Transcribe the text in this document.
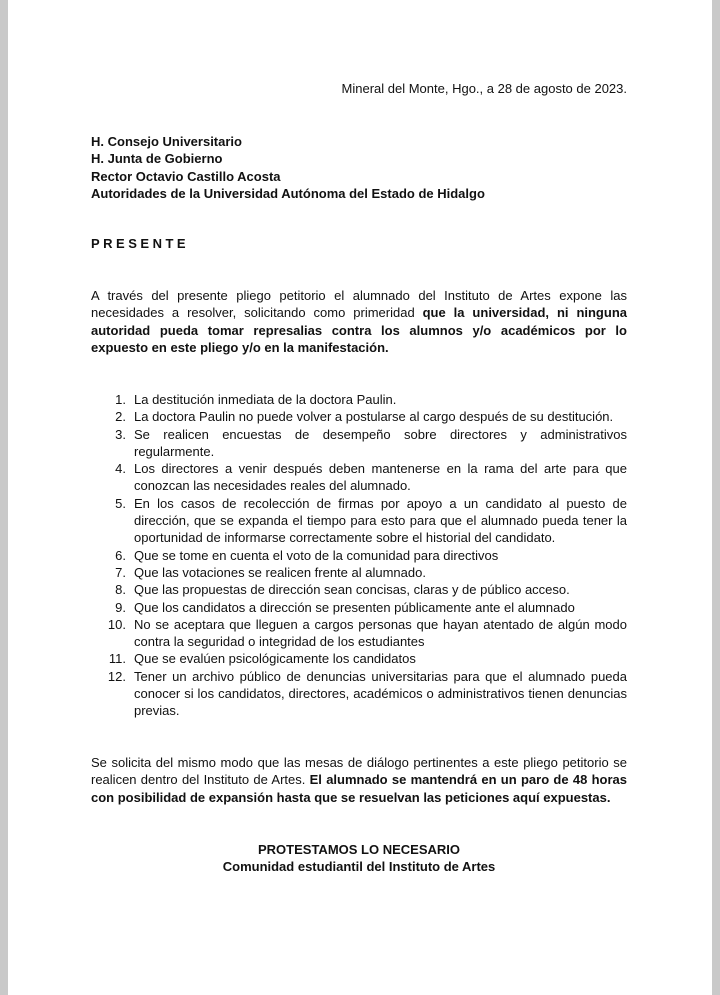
Mineral del Monte, Hgo., a 28 de agosto de 2023.
H. Consejo Universitario
H. Junta de Gobierno
Rector Octavio Castillo Acosta
Autoridades de la Universidad Autónoma del Estado de Hidalgo
PRESENTE

A través del presente pliego petitorio el alumnado del Instituto de Artes expone las necesidades a resolver, solicitando como primeridad que la universidad, ni ninguna autoridad pueda tomar represalias contra los alumnos y/o académicos por lo expuesto en este pliego y/o en la manifestación.

1. La destitución inmediata de la doctora Paulin.
2. La doctora Paulin no puede volver a postularse al cargo después de su destitución.
3. Se realicen encuestas de desempeño sobre directores y administrativos regularmente.
4. Los directores a venir después deben mantenerse en la rama del arte para que conozcan las necesidades reales del alumnado.
5. En los casos de recolección de firmas por apoyo a un candidato al puesto de dirección, que se expanda el tiempo para esto para que el alumnado pueda tener la oportunidad de informarse correctamente sobre el historial del candidato.
6. Que se tome en cuenta el voto de la comunidad para directivos
7. Que las votaciones se realicen frente al alumnado.
8. Que las propuestas de dirección sean concisas, claras y de público acceso.
9. Que los candidatos a dirección se presenten públicamente ante el alumnado
10. No se aceptara que lleguen a cargos personas que hayan atentado de algún modo contra la seguridad o integridad de los estudiantes
11. Que se evalúen psicológicamente los candidatos
12. Tener un archivo público de denuncias universitarias para que el alumnado pueda conocer si los candidatos, directores, académicos o administrativos tienen denuncias previas.

Se solicita del mismo modo que las mesas de diálogo pertinentes a este pliego petitorio se realicen dentro del Instituto de Artes. El alumnado se mantendrá en un paro de 48 horas con posibilidad de expansión hasta que se resuelvan las peticiones aquí expuestas.

PROTESTAMOS LO NECESARIO
Comunidad estudiantil del Instituto de Artes
